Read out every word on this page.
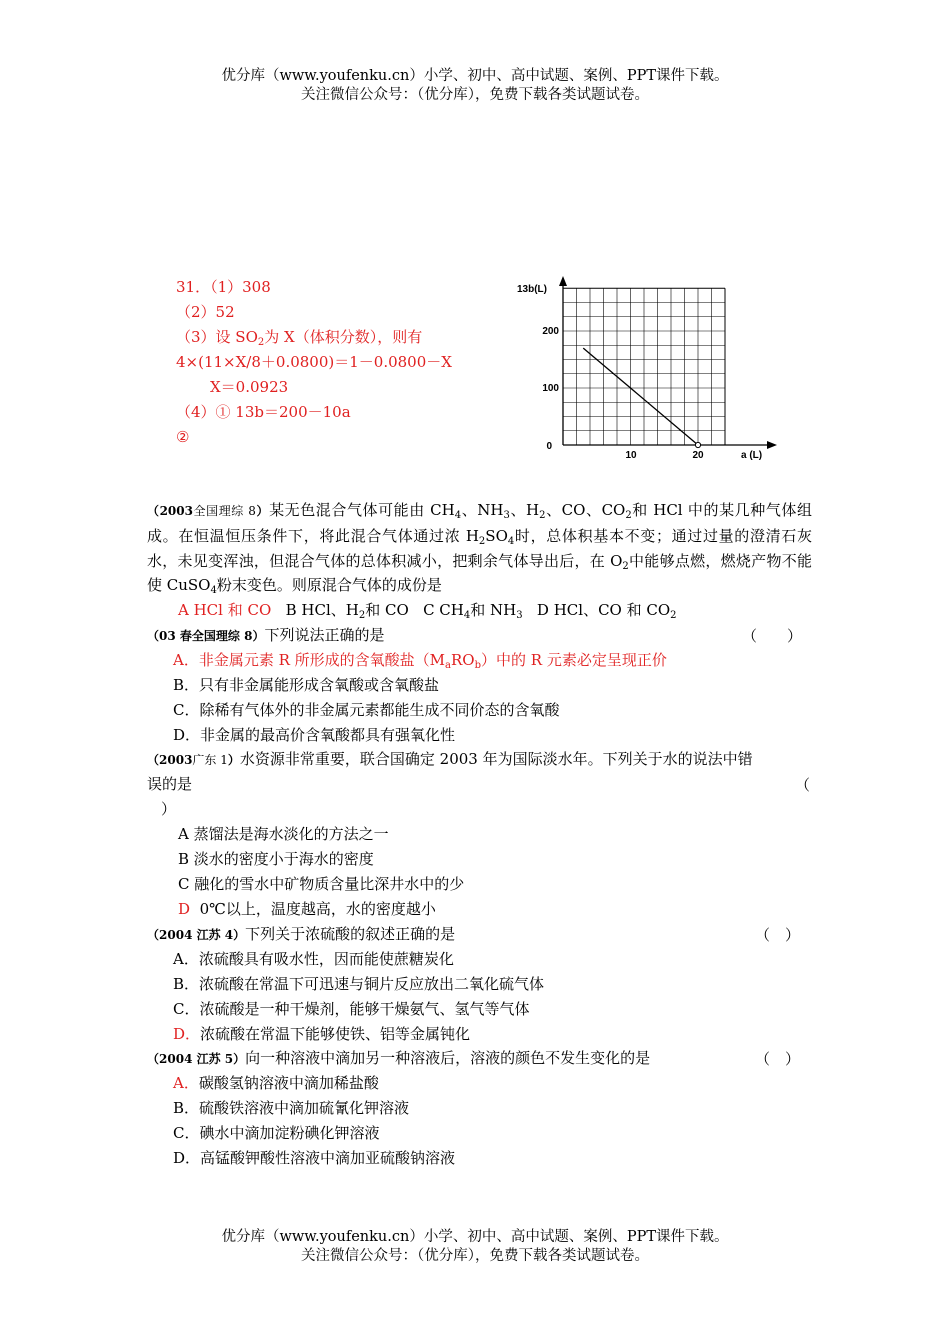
优分库（www.youfenku.cn）小学、初中、高中试题、案例、PPT课件下载。
关注微信公众号：（优分库），免费下载各类试题试卷。
31．（1）308
（2）52
（3）设 $SO_2$为 X（体积分数），则有
4×(11×X/8＋0.0800)＝1－0.0800－X
X＝0.0923
（4）① 13b＝200－10a
②
13b(L)
a (L)
0
100
200
10	20
（2003全国理综 8）某无色混合气体可能由 $CH_4$、$NH_3$、$H_2$、CO、$CO_2$和 HCl 中的某几种气体组成。在恒温恒压条件下，将此混合气体通过浓 $H_2SO_4$时，总体积基本不变；通过过量的澄清石灰水，未见变浑浊，但混合气体的总体积减小，把剩余气体导出后，在 $O_2$中能够点燃，燃烧产物不能使 CuSO$_4$粉末变色。则原混合气体的成份是
A HCl 和 CO B HCl、$H_2$和 CO C $CH_4$和 $NH_3$ D HCl、CO 和 $CO_2$
（03 春全国理综 8）下列说法正确的是	（　　）
A．非金属元素 R 所形成的含氧酸盐$(M_aRO_b)$中的 R 元素必定呈现正价
B．只有非金属能形成含氧酸或含氧酸盐
C．除稀有气体外的非金属元素都能生成不同价态的含氧酸
D．非金属的最高价含氧酸都具有强氧化性
（2003广东 1）水资源非常重要，联合国确定 2003 年为国际淡水年。下列关于水的说法中错
误的是	（
）
A 蒸馏法是海水淡化的方法之一
B 淡水的密度小于海水的密度
C 融化的雪水中矿物质含量比深井水中的少
D 0℃以上，温度越高，水的密度越小
（2004 江苏 4）下列关于浓硫酸的叙述正确的是	（　）
A．浓硫酸具有吸水性，因而能使蔗糖炭化
B．浓硫酸在常温下可迅速与铜片反应放出二氧化硫气体
C．浓硫酸是一种干燥剂，能够干燥氨气、氢气等气体
D．浓硫酸在常温下能够使铁、铝等金属钝化
（2004 江苏 5）向一种溶液中滴加另一种溶液后，溶液的颜色不发生变化的是	（　）
A．碳酸氢钠溶液中滴加稀盐酸
B．硫酸铁溶液中滴加硫氰化钾溶液
C．碘水中滴加淀粉碘化钾溶液
D．高锰酸钾酸性溶液中滴加亚硫酸钠溶液
优分库（www.youfenku.cn）小学、初中、高中试题、案例、PPT课件下载。
关注微信公众号：（优分库），免费下载各类试题试卷。
